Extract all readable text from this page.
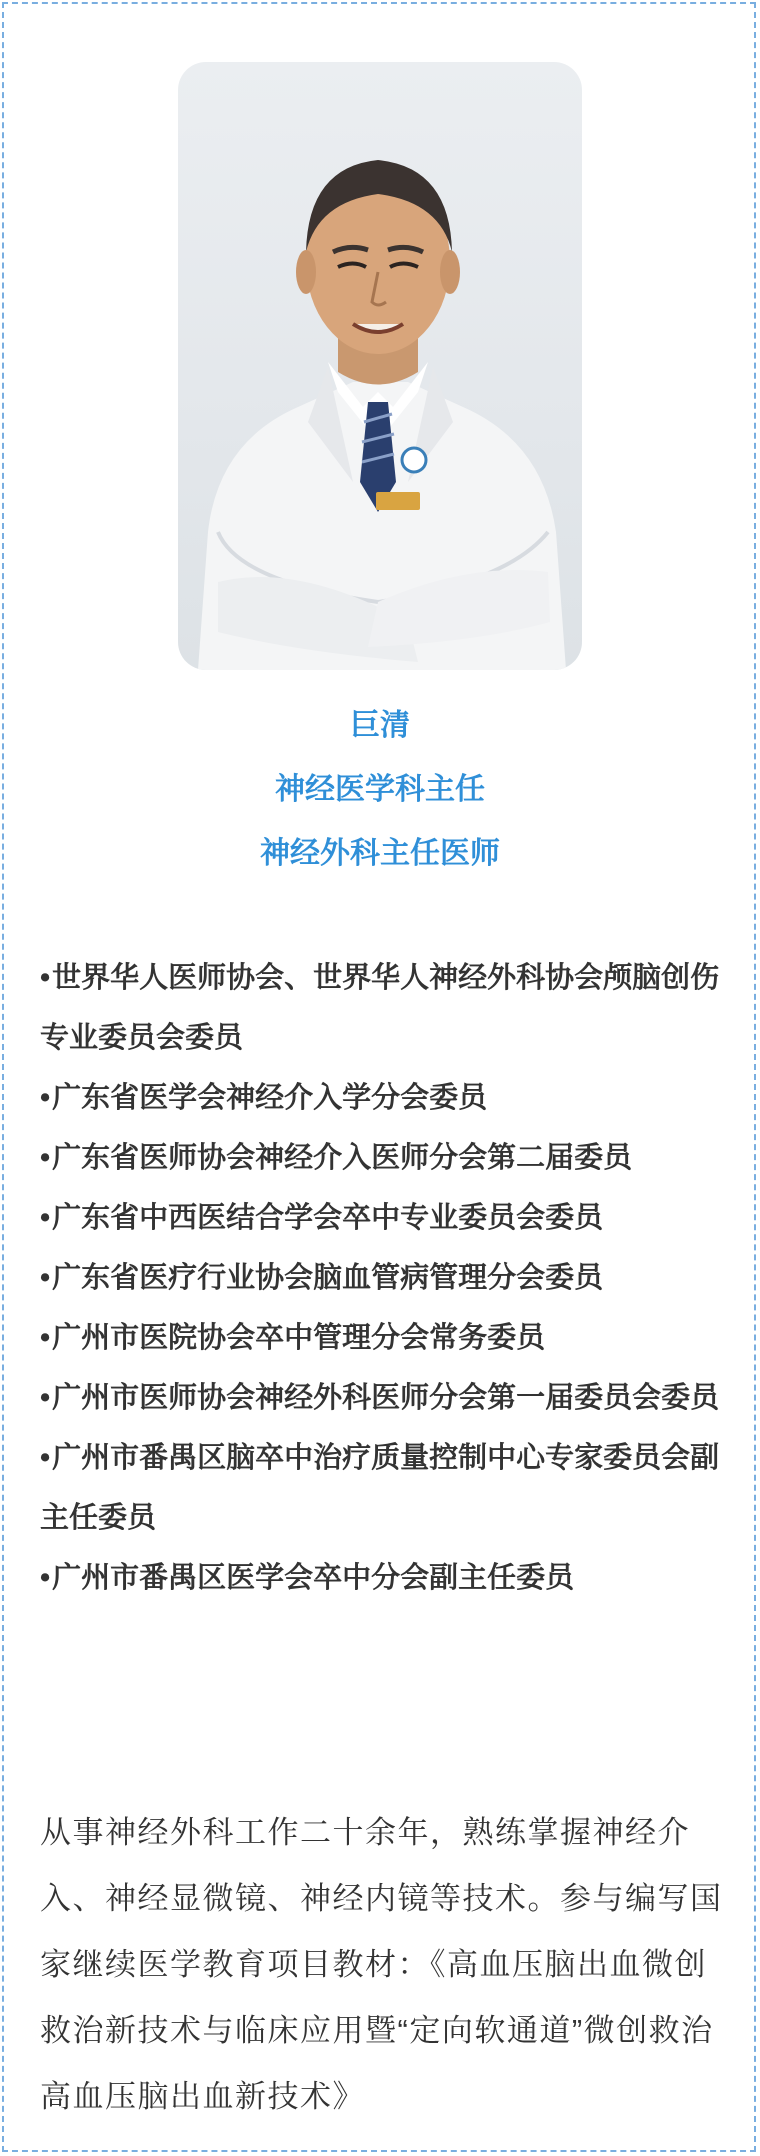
巨清
神经医学科主任
神经外科主任医师
•世界华人医师协会、世界华人神经外科协会颅脑创伤专业委员会委员
•广东省医学会神经介入学分会委员
•广东省医师协会神经介入医师分会第二届委员
•广东省中西医结合学会卒中专业委员会委员
•广东省医疗行业协会脑血管病管理分会委员
•广州市医院协会卒中管理分会常务委员
•广州市医师协会神经外科医师分会第一届委员会委员
•广州市番禺区脑卒中治疗质量控制中心专家委员会副主任委员
•广州市番禺区医学会卒中分会副主任委员

从事神经外科工作二十余年，熟练掌握神经介入、神经显微镜、神经内镜等技术。参与编写国家继续医学教育项目教材：《高血压脑出血微创救治新技术与临床应用暨“定向软通道”微创救治高血压脑出血新技术》
